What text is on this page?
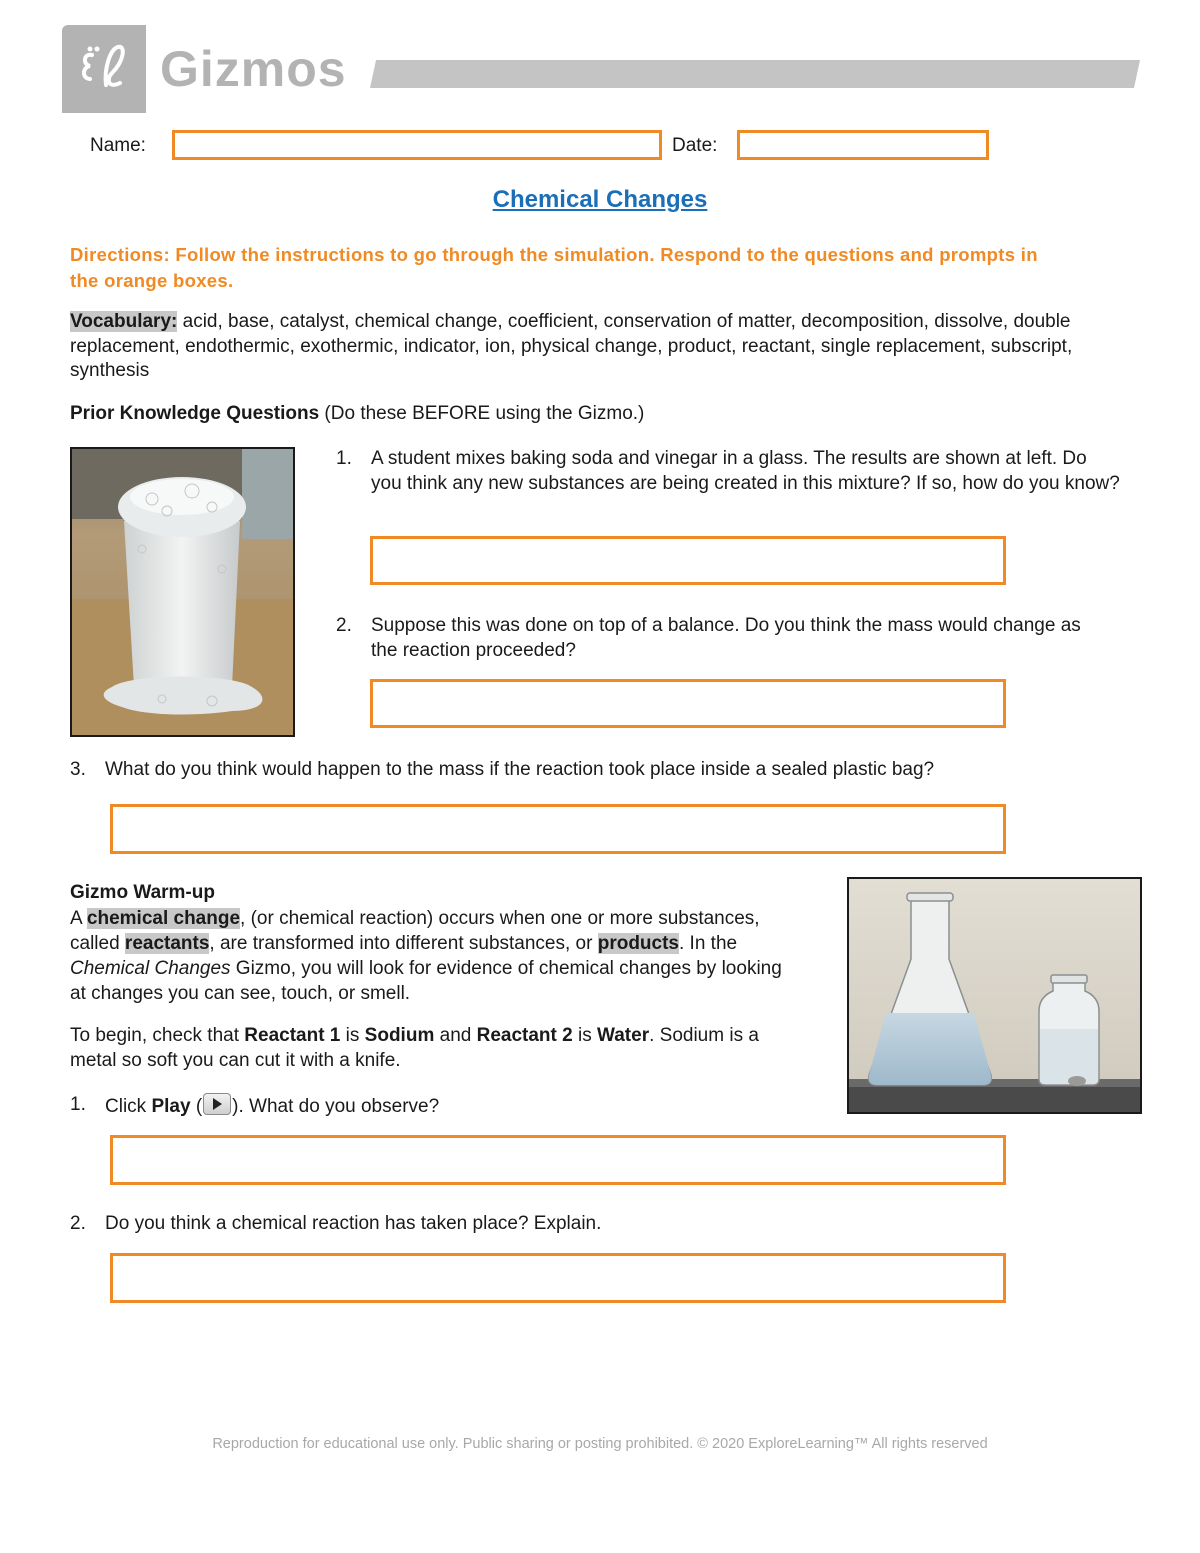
Gizmos
Name:	Date:
Chemical Changes
Directions: Follow the instructions to go through the simulation. Respond to the questions and prompts in the orange boxes.
Vocabulary: acid, base, catalyst, chemical change, coefficient, conservation of matter, decomposition, dissolve, double replacement, endothermic, exothermic, indicator, ion, physical change, product, reactant, single replacement, subscript, synthesis
Prior Knowledge Questions (Do these BEFORE using the Gizmo.)
1. A student mixes baking soda and vinegar in a glass. The results are shown at left. Do you think any new substances are being created in this mixture? If so, how do you know?
2. Suppose this was done on top of a balance. Do you think the mass would change as the reaction proceeded?
3. What do you think would happen to the mass if the reaction took place inside a sealed plastic bag?
Gizmo Warm-up
A chemical change, (or chemical reaction) occurs when one or more substances, called reactants, are transformed into different substances, or products. In the Chemical Changes Gizmo, you will look for evidence of chemical changes by looking at changes you can see, touch, or smell.
To begin, check that Reactant 1 is Sodium and Reactant 2 is Water. Sodium is a metal so soft you can cut it with a knife.
1. Click Play ( ). What do you observe?
2. Do you think a chemical reaction has taken place? Explain.
Reproduction for educational use only. Public sharing or posting prohibited. © 2020 ExploreLearning™ All rights reserved
